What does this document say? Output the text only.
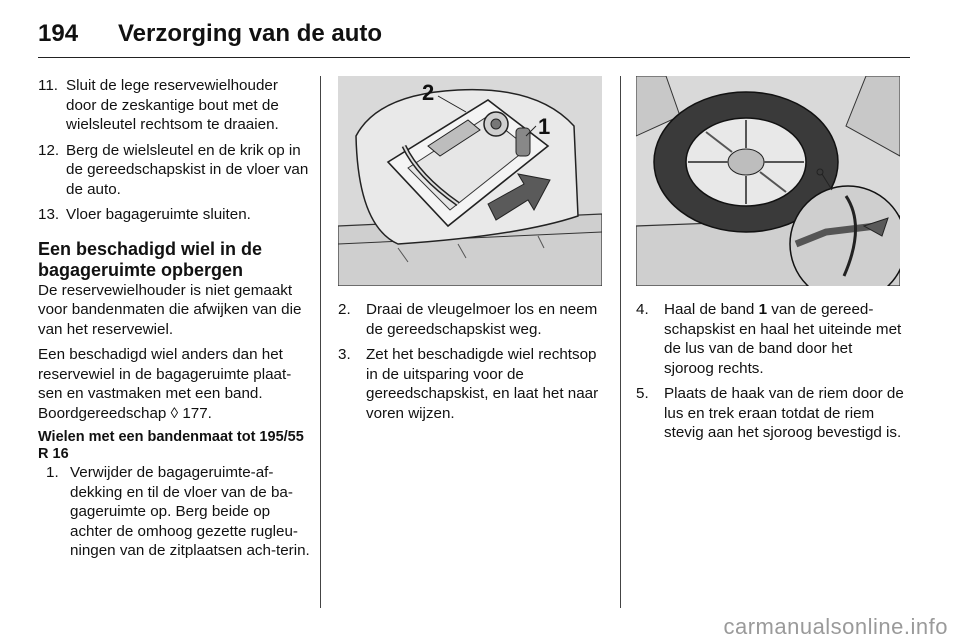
194 Verzorging van de auto
11. Sluit de lege reservewielhouder door de zeskantige bout met de wielsleutel rechtsom te draaien.
12. Berg de wielsleutel en de krik op in de gereedschapskist in de vloer van de auto.
13. Vloer bagageruimte sluiten.
Een beschadigd wiel in de bagageruimte opbergen

De reservewielhouder is niet gemaakt voor bandenmaten die afwijken van die van het reservewiel.

Een beschadigd wiel anders dan het reservewiel in de bagageruimte plaat-sen en vastmaken met een band. Boordgereedschap ◊ 177.

Wielen met een bandenmaat tot 195/55 R 16
1. Verwijder de bagageruimte-af-dekking en til de vloer van de ba-gageruimte op. Berg beide op achter de omhoog gezette rugleu-ningen van de zitplaatsen ach-terin.
2
1
2. Draai de vleugelmoer los en neem de gereedschapskist weg.
3. Zet het beschadigde wiel rechtsop in de uitsparing voor de gereedschapskist, en laat het naar voren wijzen.
4. Haal de band 1 van de gereed-schapskist en haal het uiteinde met de lus van de band door het sjoroog rechts.
5. Plaats de haak van de riem door de lus en trek eraan totdat de riem stevig aan het sjoroog bevestigd is.
carmanualsonline.info
